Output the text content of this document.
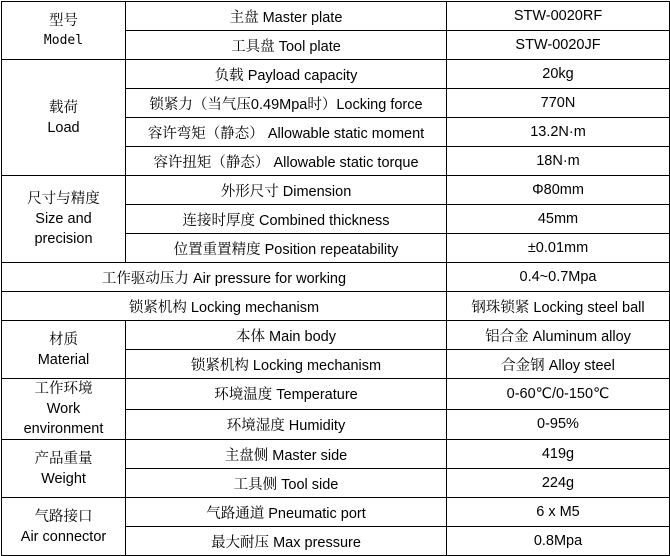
型号
Model	主盘 Master plate	STW-0020RF
	工具盘 Tool plate	STW-0020JF

载荷
Load	负载 Payload capacity	20kg
	锁紧力（当气压0.49Mpa时）Locking force	770N
	容许弯矩（静态） Allowable static moment	13.2N·m
	容许扭矩（静态） Allowable static torque	18N·m

尺寸与精度
Size and
precision	外形尺寸 Dimension	Φ80mm
	连接时厚度 Combined thickness	45mm
	位置重置精度 Position repeatability	±0.01mm
工作驱动压力 Air pressure for working		0.4~0.7Mpa
锁紧机构 Locking mechanism		钢珠锁紧 Locking steel ball

材质
Material	本体 Main body	铝合金 Aluminum alloy
	锁紧机构 Locking mechanism	合金钢 Alloy steel

工作环境
Work
environment	环境温度 Temperature	0-60℃/0-150℃
	环境湿度 Humidity	0-95%

产品重量
Weight	主盘侧 Master side	419g
	工具侧 Tool side	224g

气路接口
Air connector	气路通道 Pneumatic port	6 x M5
	最大耐压 Max pressure	0.8Mpa
